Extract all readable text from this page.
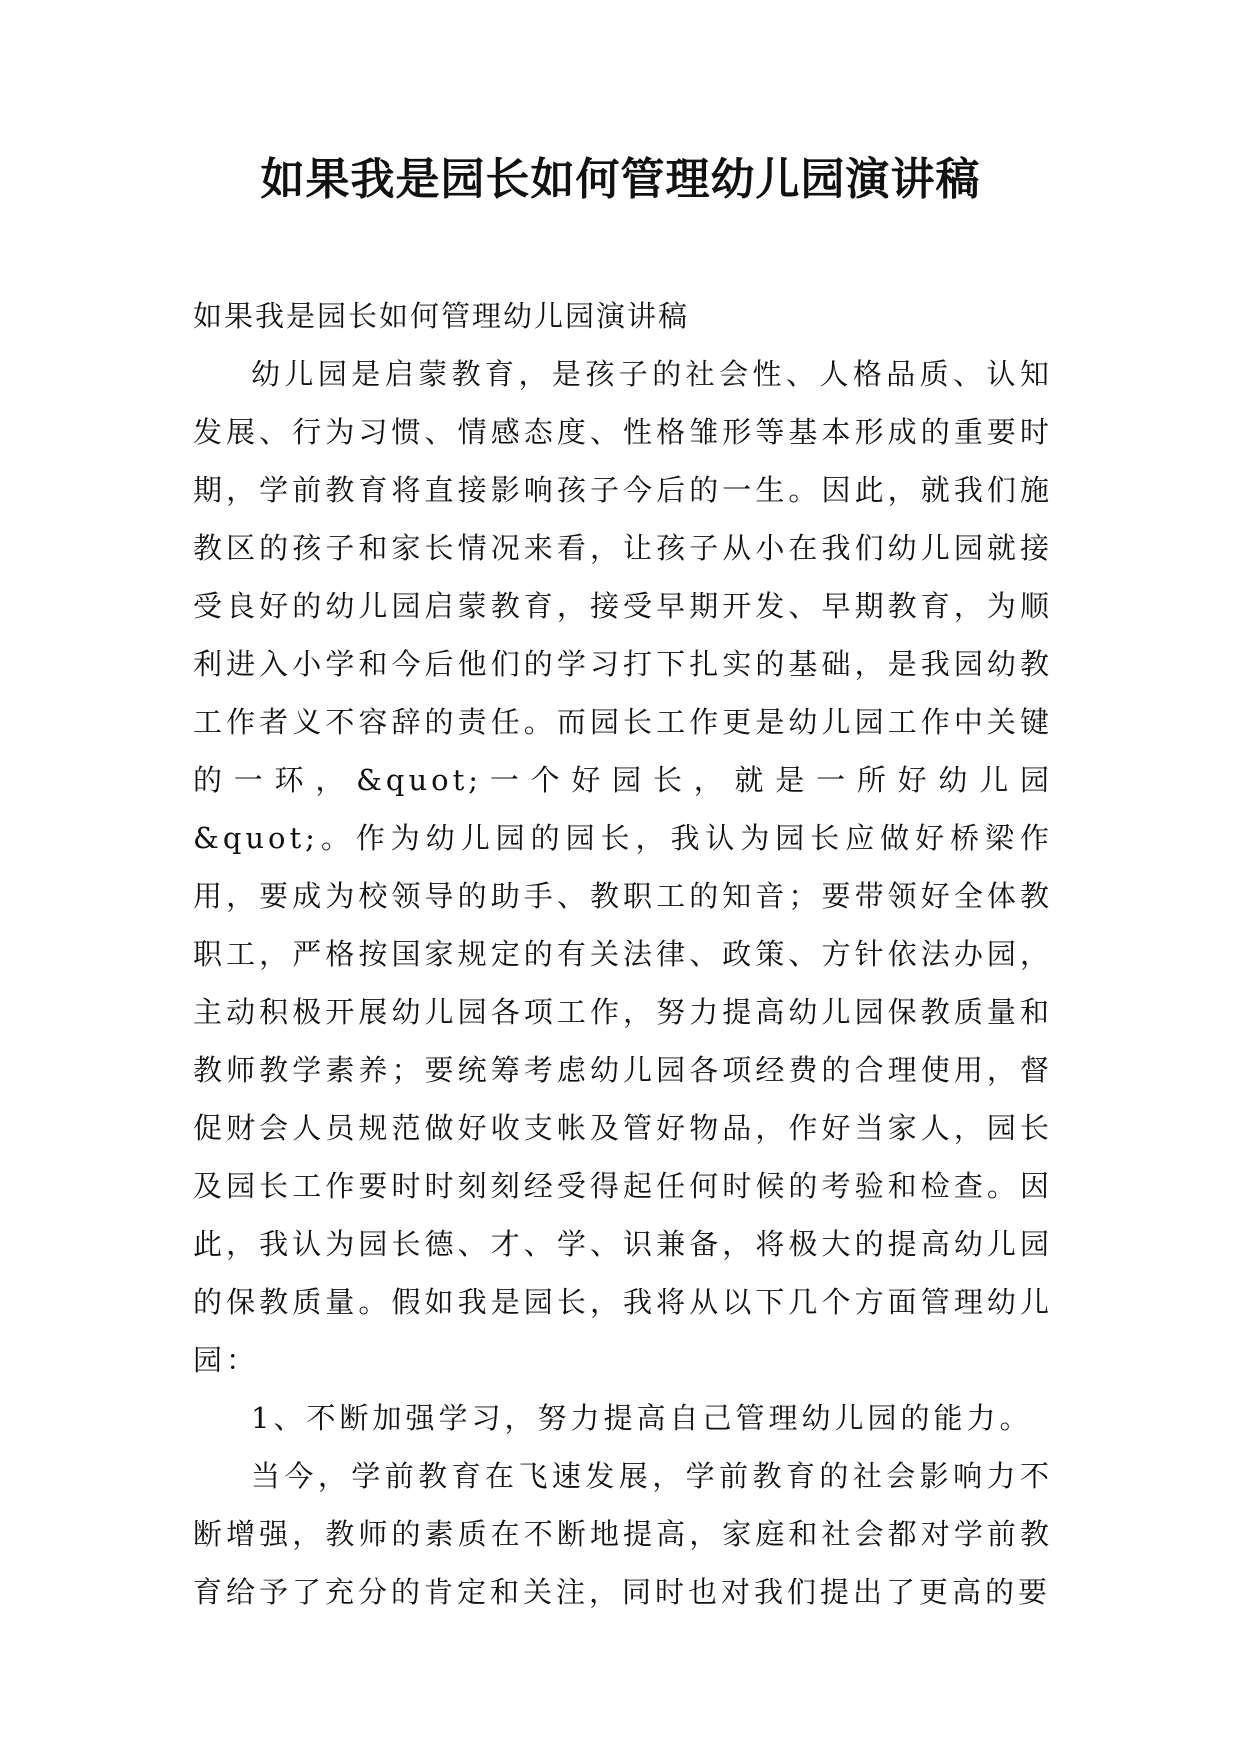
如果我是园长如何管理幼儿园演讲稿

如果我是园长如何管理幼儿园演讲稿

幼儿园是启蒙教育，是孩子的社会性、人格品质、认知发展、行为习惯、情感态度、性格雏形等基本形成的重要时期，学前教育将直接影响孩子今后的一生。因此，就我们施教区的孩子和家长情况来看，让孩子从小在我们幼儿园就接受良好的幼儿园启蒙教育，接受早期开发、早期教育，为顺利进入小学和今后他们的学习打下扎实的基础，是我园幼教工作者义不容辞的责任。而园长工作更是幼儿园工作中关键的一环，&quot;一个好园长，就是一所好幼儿园&quot;。作为幼儿园的园长，我认为园长应做好桥梁作用，要成为校领导的助手、教职工的知音；要带领好全体教职工，严格按国家规定的有关法律、政策、方针依法办园，主动积极开展幼儿园各项工作，努力提高幼儿园保教质量和教师教学素养；要统筹考虑幼儿园各项经费的合理使用，督促财会人员规范做好收支帐及管好物品，作好当家人，园长及园长工作要时时刻刻经受得起任何时候的考验和检查。因此，我认为园长德、才、学、识兼备，将极大的提高幼儿园的保教质量。假如我是园长，我将从以下几个方面管理幼儿园：

1、不断加强学习，努力提高自己管理幼儿园的能力。

当今，学前教育在飞速发展，学前教育的社会影响力不断增强，教师的素质在不断地提高，家庭和社会都对学前教育给予了充分的肯定和关注，同时也对我们提出了更高的要
